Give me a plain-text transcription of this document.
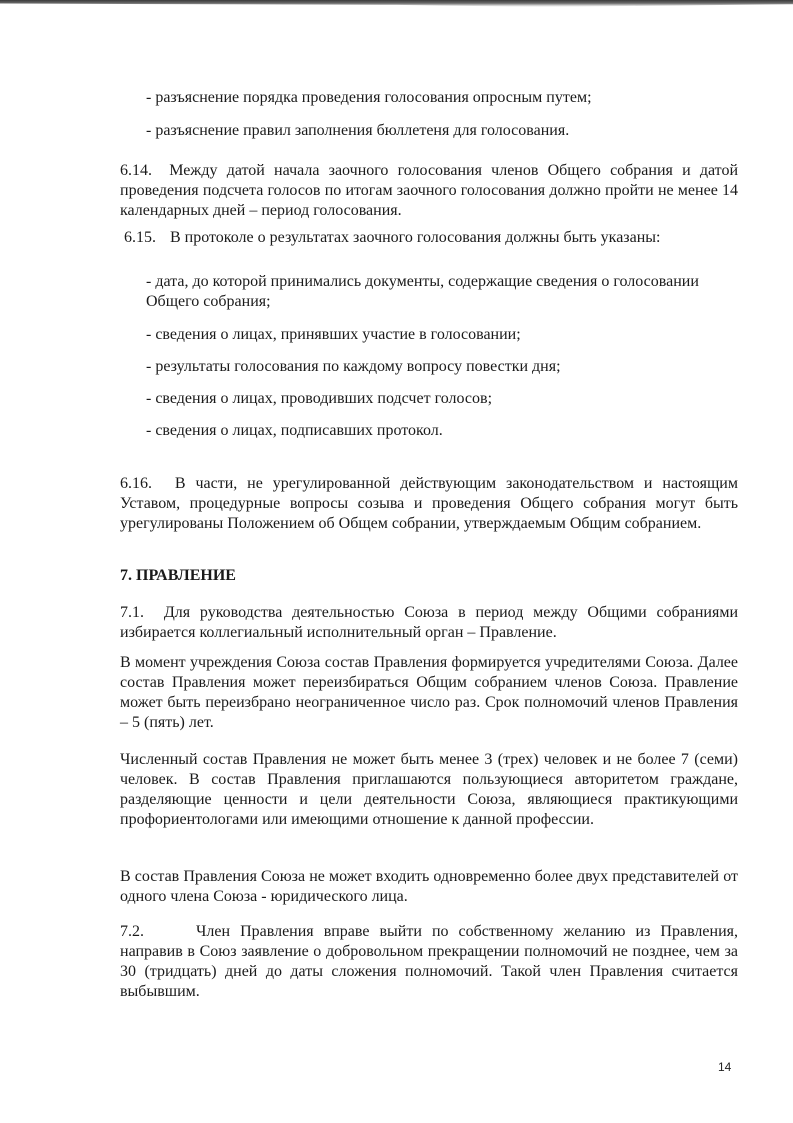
- разъяснение порядка проведения голосования опросным путем;
- разъяснение правил заполнения бюллетеня для голосования.
6.14. Между датой начала заочного голосования членов Общего собрания и датой проведения подсчета голосов по итогам заочного голосования должно пройти не менее 14 календарных дней – период голосования.
6.15. В протоколе о результатах заочного голосования должны быть указаны:
- дата, до которой принимались документы, содержащие сведения о голосовании Общего собрания;
- сведения о лицах, принявших участие в голосовании;
- результаты голосования по каждому вопросу повестки дня;
- сведения о лицах, проводивших подсчет голосов;
- сведения о лицах, подписавших протокол.
6.16. В части, не урегулированной действующим законодательством и настоящим Уставом, процедурные вопросы созыва и проведения Общего собрания могут быть урегулированы Положением об Общем собрании, утверждаемым Общим собранием.
7. ПРАВЛЕНИЕ
7.1. Для руководства деятельностью Союза в период между Общими собраниями избирается коллегиальный исполнительный орган – Правление.
В момент учреждения Союза состав Правления формируется учредителями Союза. Далее состав Правления может переизбираться Общим собранием членов Союза. Правление может быть переизбрано неограниченное число раз. Срок полномочий членов Правления – 5 (пять) лет.
Численный состав Правления не может быть менее 3 (трех) человек и не более 7 (семи) человек. В состав Правления приглашаются пользующиеся авторитетом граждане, разделяющие ценности и цели деятельности Союза, являющиеся практикующими профориентологами или имеющими отношение к данной профессии.
В состав Правления Союза не может входить одновременно более двух представителей от одного члена Союза - юридического лица.
7.2.	Член Правления вправе выйти по собственному желанию из Правления, направив в Союз заявление о добровольном прекращении полномочий не позднее, чем за 30 (тридцать) дней до даты сложения полномочий. Такой член Правления считается выбывшим.
14
